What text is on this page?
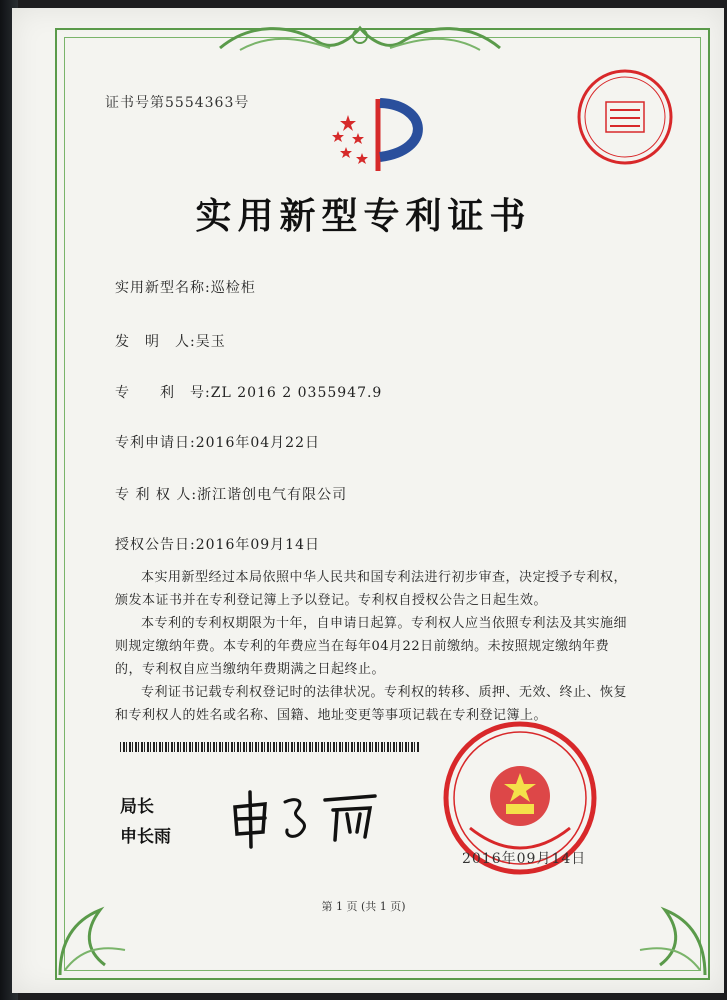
证书号第5554363号
实用新型专利证书
实用新型名称:巡检柜
发　明　人:吴玉
专　　利　号:ZL 2016 2 0355947.9
专利申请日:2016年04月22日
专 利 权 人:浙江谐创电气有限公司
授权公告日:2016年09月14日

本实用新型经过本局依照中华人民共和国专利法进行初步审查，决定授予专利权，颁发本证书并在专利登记簿上予以登记。专利权自授权公告之日起生效。

本专利的专利权期限为十年，自申请日起算。专利权人应当依照专利法及其实施细则规定缴纳年费。本专利的年费应当在每年04月22日前缴纳。未按照规定缴纳年费的，专利权自应当缴纳年费期满之日起终止。

专利证书记载专利权登记时的法律状况。专利权的转移、质押、无效、终止、恢复和专利权人的姓名或名称、国籍、地址变更等事项记载在专利登记簿上。

局长
申长雨
2016年09月14日
第 1 页 (共 1 页)
